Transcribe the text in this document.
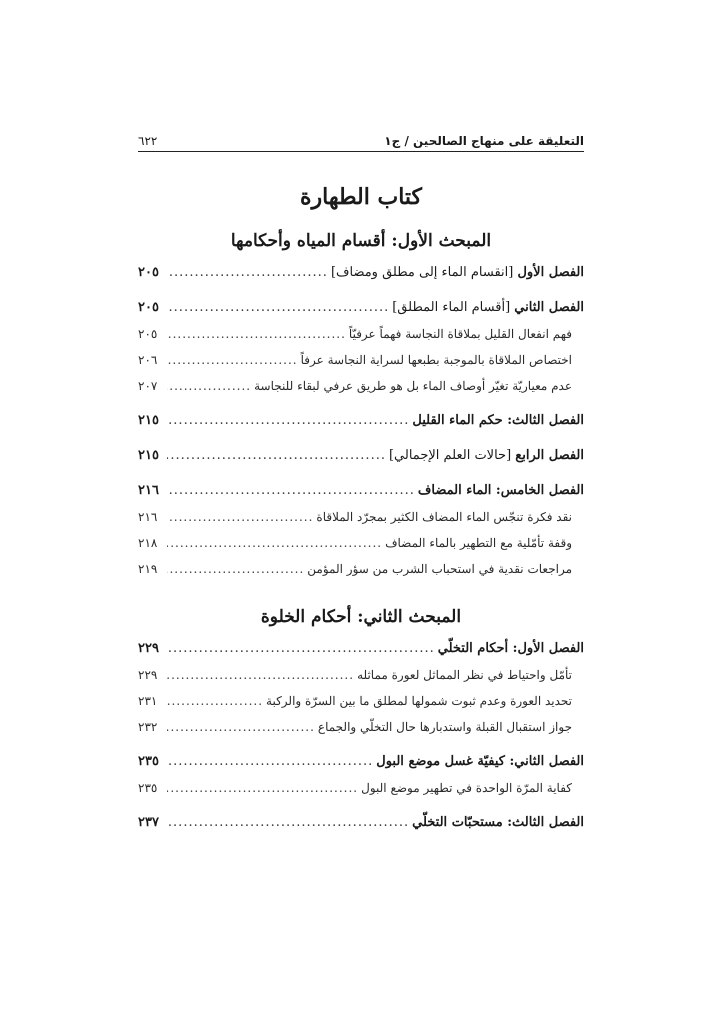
التعليقة على منهاج الصالحين / ج١
٦٢٢
كتاب الطهارة
المبحث الأول: أقسام المياه وأحكامها
الفصل الأول [انقسام الماء إلى مطلق ومضاف]
.....
٢٠٥
الفصل الثاني [أقسام الماء المطلق]
.....
٢٠٥
فهم انفعال القليل بملاقاة النجاسة فهماً عرفيّاً
.....
٢٠٥
اختصاص الملاقاة بالموجبة بطبعها لسراية النجاسة عرفاً
.....
٢٠٦
عدم معياريّة تغيّر أوصاف الماء بل هو طريق عرفي لبقاء للنجاسة
.....
٢٠٧
الفصل الثالث: حكم الماء القليل
.....
٢١٥
الفصل الرابع [حالات العلم الإجمالي]
.....
٢١٥
الفصل الخامس: الماء المضاف
.....
٢١٦
نقد فكرة تنجّس الماء المضاف الكثير بمجرّد الملاقاة
.....
٢١٦
وقفة تأمّلية مع التطهير بالماء المضاف
.....
٢١٨
مراجعات نقدية في استحباب الشرب من سؤر المؤمن
.....
٢١٩
المبحث الثاني: أحكام الخلوة
الفصل الأول: أحكام التخلّي
.....
٢٢٩
تأمّل واحتياط في نظر المماثل لعورة مماثله
.....
٢٢٩
تحديد العورة وعدم ثبوت شمولها لمطلق ما بين السرّة والركبة
.....
٢٣١
جواز استقبال القبلة واستدبارها حال التخلّي والجماع
.....
٢٣٢
الفصل الثاني: كيفيّة غسل موضع البول
.....
٢٣٥
كفاية المرّة الواحدة في تطهير موضع البول
.....
٢٣٥
الفصل الثالث: مستحبّات التخلّي
.....
٢٣٧
